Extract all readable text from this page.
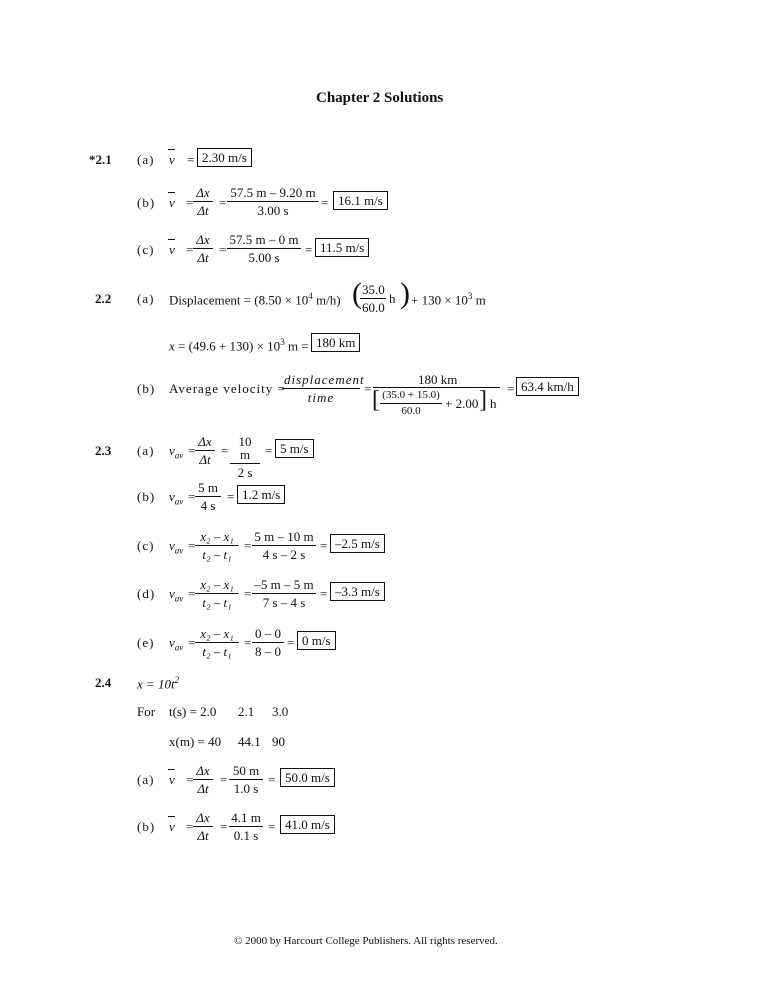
Chapter 2 Solutions
*2.1 (a) v = 2.30 m/s
(b) $v = \frac{\Delta x}{\Delta t} = \frac{57.5 m - 9.20 m}{3.00 s} = 16.1$ m/s
(c) $v = \frac{\Delta x}{\Delta t} = \frac{57.5 m - 0 m}{5.00 s} = 11.5$ m/s
2.2 (a) Displacement = ($8.50 \times 10^4$ m/h) (
$\frac{35.0}{60.0}$ h ) + $130 \times 10^3$ m
$x = (49.6 + 130) \times 10^3$ m = 180 km
(b) Average velocity =
displacement
time
=
180 km
[ $\frac{(35.0 + 15.0)}{60.0} + 2.00$ ] h
= 63.4 km/h
2.3 (a) $v_{av} = \frac{\Delta x}{\Delta t} = \frac{10 m}{2 s} = 5$ m/s
(b) $v_{av} = \frac{5 m}{4 s} = 1.2$ m/s
(c) $v_{av} = \frac{\text{x₂ – x₁}}{\text{t₂ – t₁}} = \frac{5 m - 10 m}{4 s - 2 s} = -2.5$ m/s
(d) $v_{av} = \frac{\text{x₂ – x₁}}{\text{t₂ – t₁}} = \frac{-5 m - 5 m}{7 s - 4 s} = -3.3$ m/s
(e) $v_{av} = \frac{\text{x₂ – x₁}}{\text{t₂ – t₁}} = \frac{0 - 0}{8 - 0} = 0$ m/s
2.4 $x = 10t^2$
For t(s) = 2.0 2.1 3.0
x(m) = 40 44.1 90
(a) $v = \frac{\Delta x}{\Delta t} = \frac{50 m}{1.0 s} = 50.0$ m/s
(b) $v = \frac{\Delta x}{\Delta t} = \frac{4.1 m}{0.1 s} = 41.0$ m/s
© 2000 by Harcourt College Publishers. All rights reserved.
